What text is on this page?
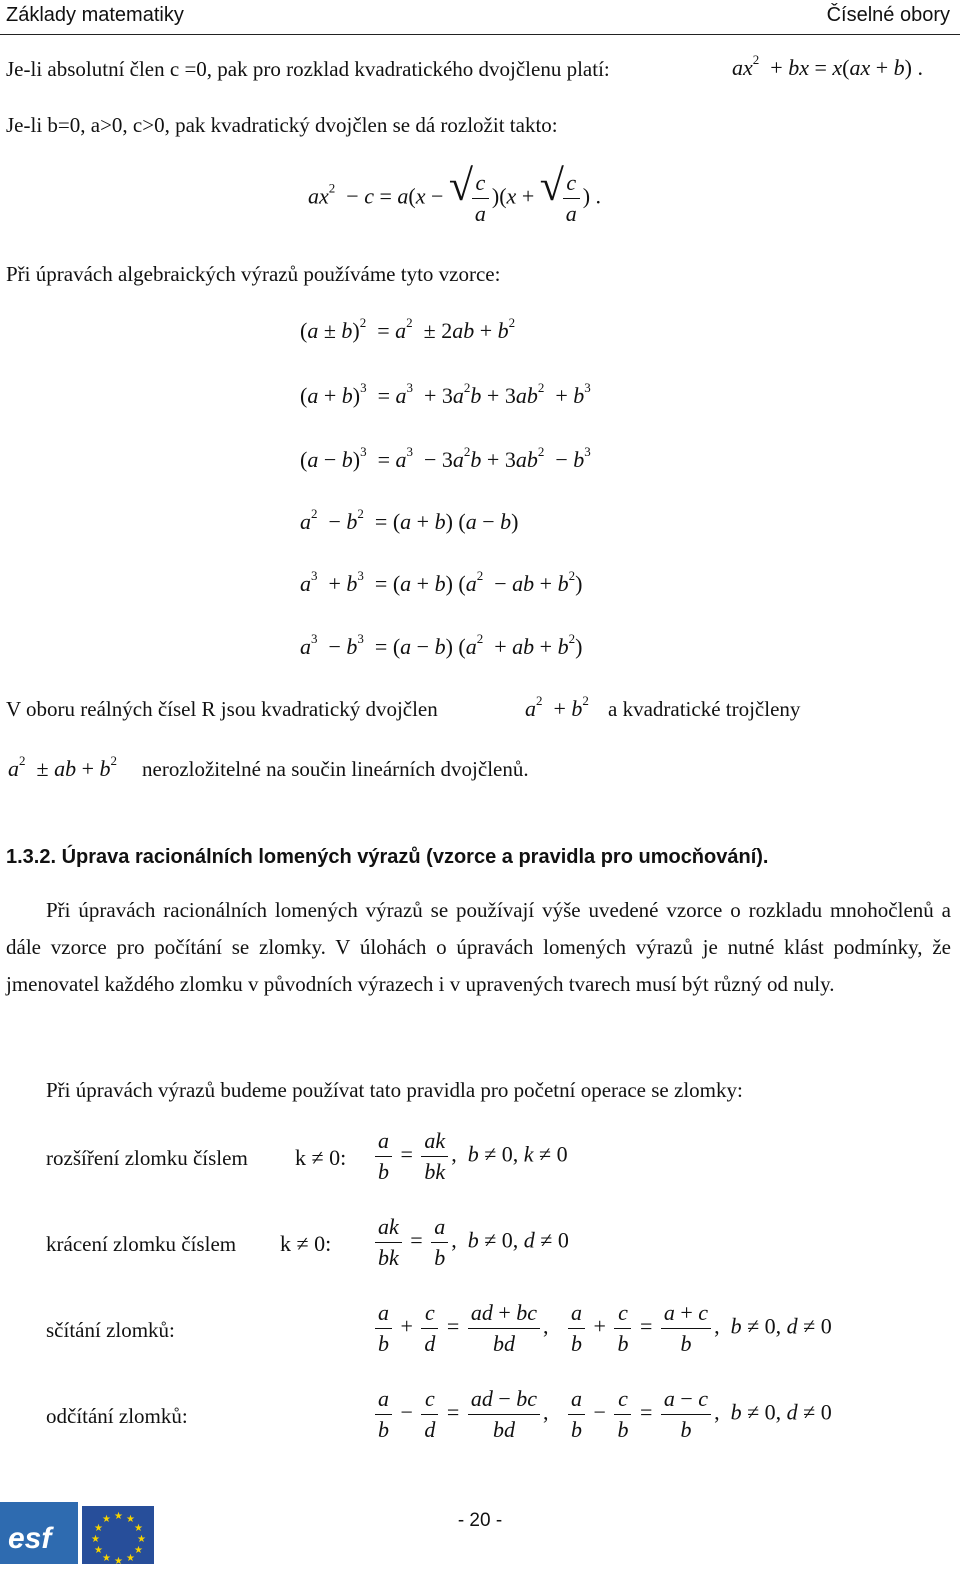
Základy matematiky	Číselné obory
Je-li absolutní člen c =0, pak pro rozklad kvadratického dvojčlenu platí:	$ax^2$  + bx = x(ax + b) .
Je-li b=0, a>0, c>0, pak kvadratický dvojčlen se dá rozložit takto:
$ax^2 - c = a(x$ − √
$\frac{c}{a} )(x$ + √
$\frac{c}{a}$ ) .
Při úpravách algebraických výrazů používáme tyto vzorce:
$(a \pm b)^2 = a^2 \pm 2ab + b^2$
$(a + b)^3 = a^3 + 3a^2b + 3ab^2 + b^3$
$(a - b)^3 = a^3 - 3a^2b + 3ab^2 - b^3$
$a^2 - b^2 = (a + b) (a - b)$
$a^3 + b^3 = (a + b) (a^2$  − ab + $b^2$)
$a^3 - b^3 = (a - b) (a^2$  + ab + $b^2$)
V oboru reálných čísel R jsou kvadratický dvojčlen	$a^2 + b^2$ a kvadratické trojčleny
$a^2$  ± ab + $b^2$ nerozložitelné na součin lineárních dvojčlenů.
1.3.2. Úprava racionálních lomených výrazů (vzorce a pravidla pro umocňování).
Při úpravách racionálních lomených výrazů se používají výše uvedené vzorce o rozkladu mnohočlenů a dále vzorce pro počítání se zlomky. V úlohách o úpravách lomených výrazů je nutné klást podmínky, že jmenovatel každého zlomku v původních výrazech i v upravených tvarech musí být různý od nuly.
Při úpravách výrazů budeme používat tato pravidla pro početní operace se zlomky:
rozšíření zlomku číslem k ≠ 0: $\frac{a}{b} = \frac{ak}{bk}$ ,  b ≠ 0, k ≠ 0
krácení zlomku číslem k ≠ 0: $\frac{ak}{bk} = \frac{a}{b}$ ,  b ≠ 0, d ≠ 0
sčítání zlomků:	$\frac{a}{b} + \frac{c}{d} = \frac{ad + bc}{bd}$ , $\frac{a}{b} + \frac{c}{b} = \frac{a + c}{b}$ ,  b ≠ 0, d ≠ 0
odčítání zlomků:	$\frac{a}{b} - \frac{c}{d} = \frac{ad - bc}{bd}$ , $\frac{a}{b} - \frac{c}{b} = \frac{a - c}{b}$ ,  b ≠ 0, d ≠ 0
esf
★ ★
★
★
★
★
★
★
★
★
★
★	- 20 -
